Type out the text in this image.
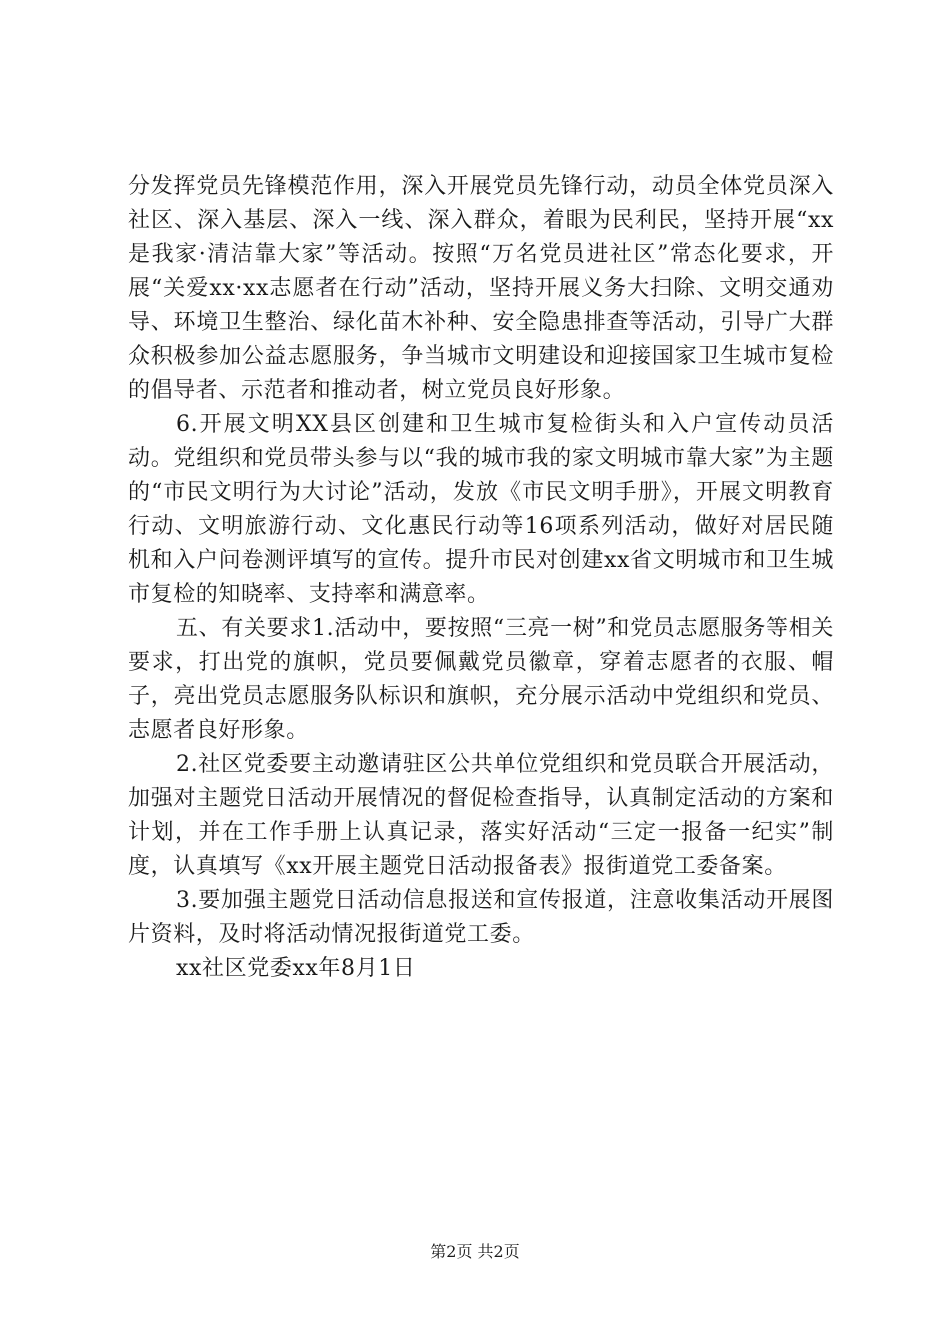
分发挥党员先锋模范作用，深入开展党员先锋行动，动员全体党员深入社区、深入基层、深入一线、深入群众，着眼为民利民，坚持开展“xx是我家·清洁靠大家”等活动。按照“万名党员进社区”常态化要求，开展“关爱xx·xx志愿者在行动”活动，坚持开展义务大扫除、文明交通劝导、环境卫生整治、绿化苗木补种、安全隐患排查等活动，引导广大群众积极参加公益志愿服务，争当城市文明建设和迎接国家卫生城市复检的倡导者、示范者和推动者，树立党员良好形象。

6.开展文明XX县区创建和卫生城市复检街头和入户宣传动员活动。党组织和党员带头参与以“我的城市我的家文明城市靠大家”为主题的“市民文明行为大讨论”活动，发放《市民文明手册》，开展文明教育行动、文明旅游行动、文化惠民行动等16项系列活动，做好对居民随机和入户问卷测评填写的宣传。提升市民对创建xx省文明城市和卫生城市复检的知晓率、支持率和满意率。

五、有关要求1.活动中，要按照“三亮一树”和党员志愿服务等相关要求，打出党的旗帜，党员要佩戴党员徽章，穿着志愿者的衣服、帽子，亮出党员志愿服务队标识和旗帜，充分展示活动中党组织和党员、志愿者良好形象。

2.社区党委要主动邀请驻区公共单位党组织和党员联合开展活动，加强对主题党日活动开展情况的督促检查指导，认真制定活动的方案和计划，并在工作手册上认真记录，落实好活动“三定一报备一纪实”制度，认真填写《xx开展主题党日活动报备表》报街道党工委备案。

3.要加强主题党日活动信息报送和宣传报道，注意收集活动开展图片资料，及时将活动情况报街道党工委。

xx社区党委xx年8月1日

第2页 共2页
